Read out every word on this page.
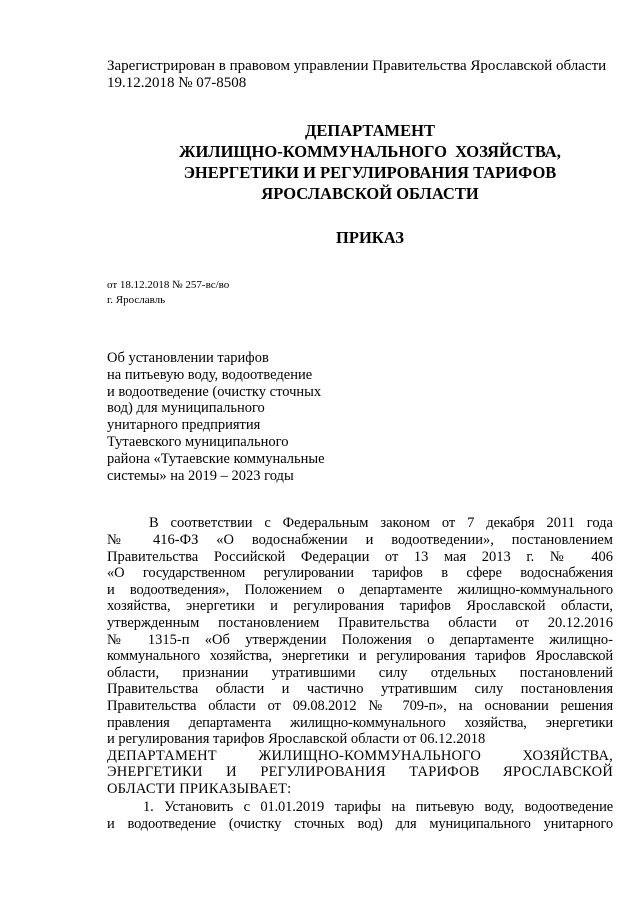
Зарегистрирован в правовом управлении Правительства Ярославской области
19.12.2018 № 07-8508
ДЕПАРТАМЕНТ
ЖИЛИЩНО-КОММУНАЛЬНОГО  ХОЗЯЙСТВА,
ЭНЕРГЕТИКИ И РЕГУЛИРОВАНИЯ ТАРИФОВ
ЯРОСЛАВСКОЙ ОБЛАСТИ
ПРИКАЗ
от 18.12.2018 № 257-вс/во
г. Ярославль
Об установлении тарифов
на питьевую воду, водоотведение
и водоотведение (очистку сточных
вод) для муниципального
унитарного предприятия
Тутаевского муниципального
района «Тутаевские коммунальные
системы» на 2019 – 2023 годы
В соответствии с Федеральным законом от 7 декабря 2011 года
№ 416-ФЗ «О водоснабжении и водоотведении», постановлением
Правительства Российской Федерации от 13 мая 2013 г. № 406
«О государственном регулировании тарифов в сфере водоснабжения
и водоотведения», Положением о департаменте жилищно-коммунального
хозяйства, энергетики и регулирования тарифов Ярославской области,
утвержденным постановлением Правительства области от 20.12.2016
№ 1315-п «Об утверждении Положения о департаменте жилищно-
коммунального хозяйства, энергетики и регулирования тарифов Ярославской
области, признании утратившими силу отдельных постановлений
Правительства области и частично утратившим силу постановления
Правительства области от 09.08.2012 № 709-п», на основании решения
правления департамента жилищно-коммунального хозяйства, энергетики
и регулирования тарифов Ярославской области от 06.12.2018
ДЕПАРТАМЕНТ ЖИЛИЩНО-КОММУНАЛЬНОГО ХОЗЯЙСТВА,
ЭНЕРГЕТИКИ И РЕГУЛИРОВАНИЯ ТАРИФОВ ЯРОСЛАВСКОЙ
ОБЛАСТИ ПРИКАЗЫВАЕТ:
1. Установить с 01.01.2019 тарифы на питьевую воду, водоотведение
и водоотведение (очистку сточных вод) для муниципального унитарного
